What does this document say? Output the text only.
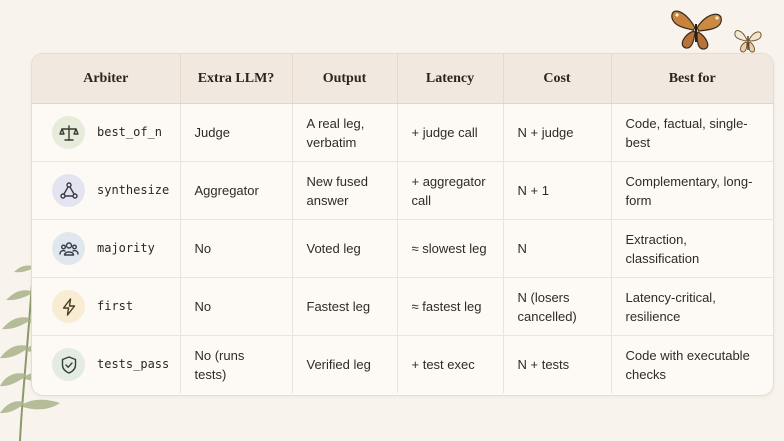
Arbiter	Extra LLM?	Output	Latency	Cost	Best for

best_of_n	Judge	A real leg, verbatim	+ judge call	N + judge	Code, factual, single-best

synthesize	Aggregator	New fused answer	+ aggregator call	N + 1	Complementary, long-form

majority	No	Voted leg	≈ slowest leg	N	Extraction, classification

first	No	Fastest leg	≈ fastest leg	N (losers cancelled)	Latency-critical, resilience

tests_pass	No (runs tests)	Verified leg	+ test exec	N + tests	Code with executable checks
